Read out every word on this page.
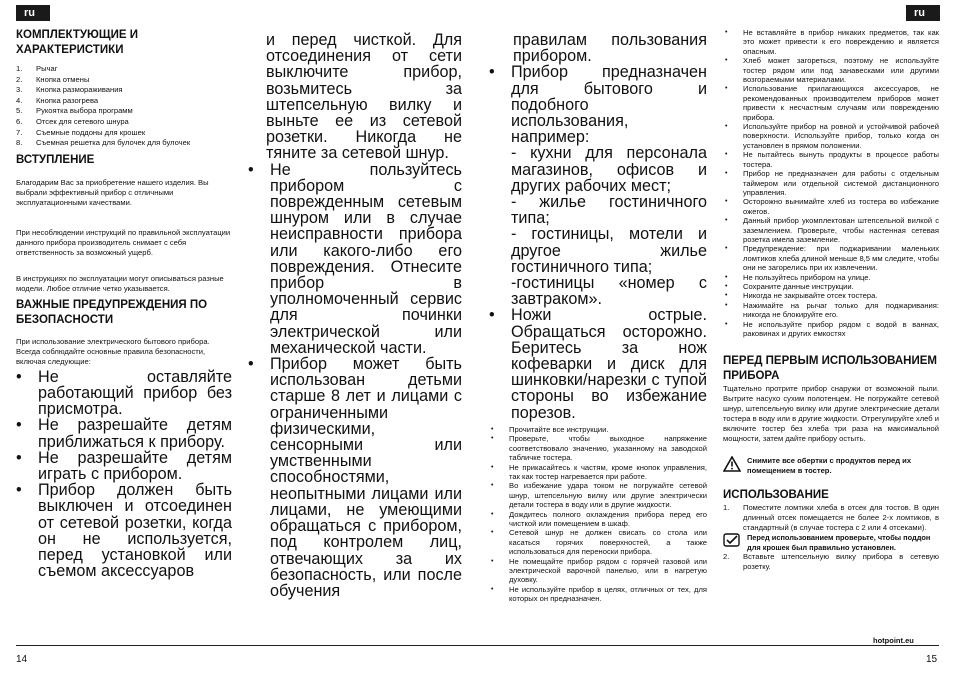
ru	ru
КОМПЛЕКТУЮЩИЕ И ХАРАКТЕРИСТИКИ
1. Рычаг
2. Кнопка отмены
3. Кнопка размораживания
4. Кнопка разогрева
5. Рукоятка выбора программ
6. Отсек для сетевого шнура
7. Съемные поддоны для крошек
8. Съемная решетка для булочек для булочек
ВСТУПЛЕНИЕ

Благодарим Вас за приобретение нашего изделия. Вы выбрали эффективный прибор с отличными эксплуатационными качествами.

При несоблюдении инструкций по правильной эксплуатации данного прибора производитель снимает с себя ответственность за возможный ущерб.

В инструкциях по эксплуатации могут описываться разные модели. Любое отличие четко указывается.

ВАЖНЫЕ ПРЕДУПРЕЖДЕНИЯ ПО БЕЗОПАСНОСТИ

При использование электрического бытового прибора. Всегда соблюдайте основные правила безопасности, включая следующие:

• Не оставляйте работающий прибор без присмотра.
• Не разрешайте детям приближаться к прибору.
• Не разрешайте детям играть с прибором.
• Прибор должен быть выключен и отсоединен от сетевой розетки, когда он не используется, перед установкой или съемом аксессуаров

и перед чисткой. Для отсоединения от сети выключите прибор, возьмитесь за штепсельную вилку и выньте ее из сетевой розетки. Никогда не тяните за сетевой шнур.

• Не пользуйтесь прибором с поврежденным сетевым шнуром или в случае неисправности прибора или какого-либо его повреждения. Отнесите прибор в уполномоченный сервис для починки электрической или механической части.
• Прибор может быть использован детьми старше 8 лет и лицами с ограниченными физическими, сенсорными или умственными способностями, неопытными лицами или лицами, не умеющими обращаться с прибором, под контролем лиц, отвечающих за их безопасность, или после обучения

правилам пользования прибором.

• Прибор предназначен для бытового и подобного использования, например:

- кухни для персонала магазинов, офисов и других рабочих мест;

- жилье гостиничного типа;

- гостиницы, мотели и другое жилье гостиничного типа;

-гостиницы «номер с завтраком».

• Ножи острые. Обращаться осторожно. Беритесь за нож кофеварки и диск для шинковки/нарезки с тупой стороны во избежание порезов.
• Прочитайте все инструкции.
• Проверьте, чтобы выходное напряжение соответствовало значению, указанному на заводской табличке тостера.
• Не прикасайтесь к частям, кроме кнопок управления, так как тостер нагревается при работе.
• Во избежание удара током не погружайте сетевой шнур, штепсельную вилку или другие электрически детали тостера в воду или в другие жидкости.
• Дождитесь полного охлаждения прибора перед его чисткой или помещением в шкаф.
• Сетевой шнур не должен свисать со стола или касаться горячих поверхностей, а также использоваться для переноски прибора.
• Не помещайте прибор рядом с горячей газовой или электрической варочной панелью, или в нагретую духовку.
• Не используйте прибор в целях, отличных от тех, для которых он предназначен.
• Не вставляйте в прибор никаких предметов, так как это может привести к его повреждению и является опасным.
• Хлеб может загореться, поэтому не используйте тостер рядом или под занавесками или другими возгораемыми материалами.
• Использование прилагающихся аксессуаров, не рекомендованных производителем приборов может привести к несчастным случаям или повреждению прибора.
• Используйте прибор на ровной и устойчивой рабочей поверхности. Используйте прибор, только когда он установлен в прямом положении.
• Не пытайтесь вынуть продукты в процессе работы тостера.
• Прибор не предназначен для работы с отдельным таймером или отдельной системой дистанционного управления.
• Осторожно вынимайте хлеб из тостера во избежание ожегов.
• Данный прибор укомплектован штепсельной вилкой с заземлением. Проверьте, чтобы настенная сетевая розетка имела заземление.
• Предупреждение: при поджаривании маленьких ломтиков хлеба длиной меньше 8,5 мм следите, чтобы они не загорелись при их извлечении.
• Не пользуйтесь прибором на улице.
• Сохраните данные инструкции.
• Никогда не закрывайте отсек тостера.
• Нажимайте на рычаг только для поджаривания: никогда не блокируйте его.
• Не используйте прибор рядом с водой в ваннах, раковинах и других емкостях
ПЕРЕД ПЕРВЫМ ИСПОЛЬЗОВАНИЕМ ПРИБОРА

Тщательно протрите прибор снаружи от возможной пыли. Вытрите насухо сухим полотенцем. Не погружайте сетевой шнур, штепсельную вилку или другие электрические детали тостера в воду или в другие жидкости. Отрегулируйте хлеб и включите тостер без хлеба три раза на максимальной мощности, затем дайте прибору остыть.

Снимите все обертки с продуктов перед их помещением в тостер.
ИСПОЛЬЗОВАНИЕ
1. Поместите ломтики хлеба в отсек для тостов. В один длинный отсек помещается не более 2-х ломтиков, в стандартный (в случае тостера с 2 или 4 отсеками).
Перед использованием проверьте, чтобы поддон для крошек был правильно установлен.
2. Вставьте штепсельную вилку прибора в сетевую розетку.
hotpoint.eu
14	15
